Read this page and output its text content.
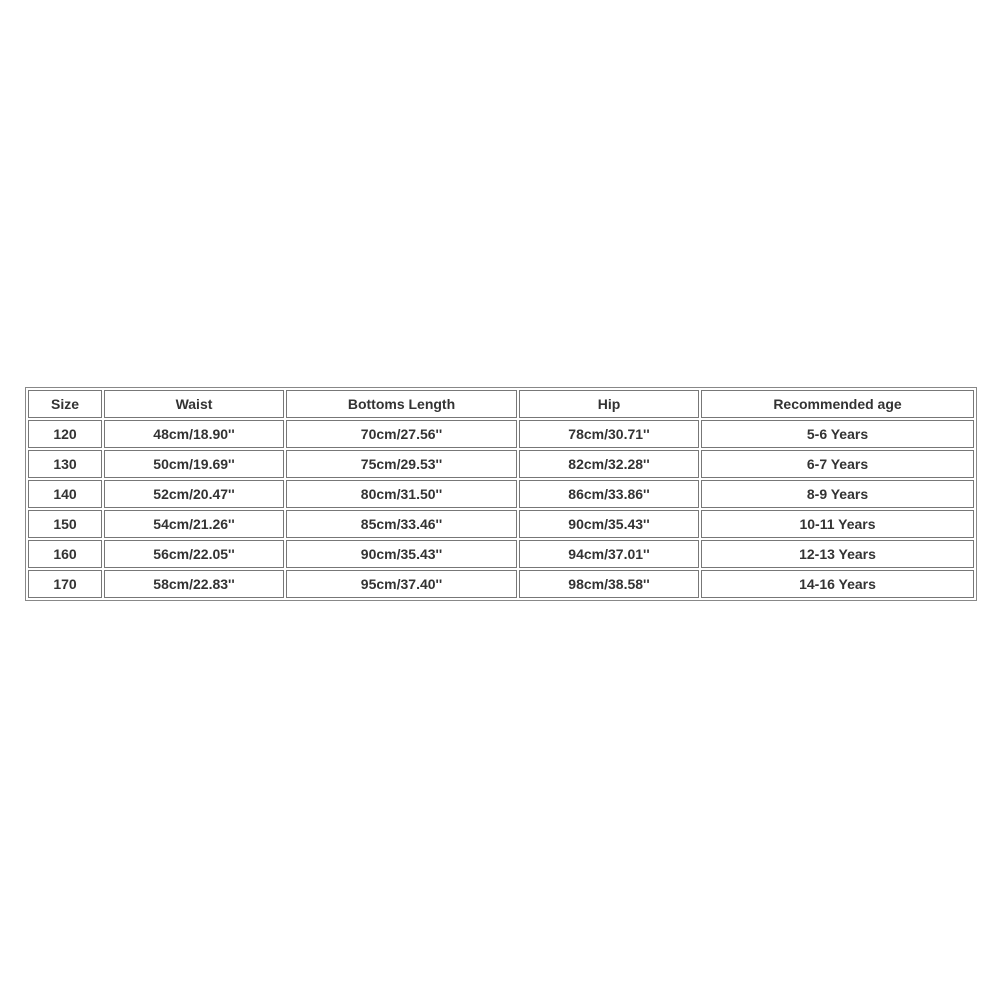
Size	Waist	Bottoms Length	Hip	Recommended age
120	48cm/18.90''	70cm/27.56''	78cm/30.71''	5-6 Years
130	50cm/19.69''	75cm/29.53''	82cm/32.28''	6-7 Years
140	52cm/20.47''	80cm/31.50''	86cm/33.86''	8-9 Years
150	54cm/21.26''	85cm/33.46''	90cm/35.43''	10-11 Years
160	56cm/22.05''	90cm/35.43''	94cm/37.01''	12-13 Years
170	58cm/22.83''	95cm/37.40''	98cm/38.58''	14-16 Years
